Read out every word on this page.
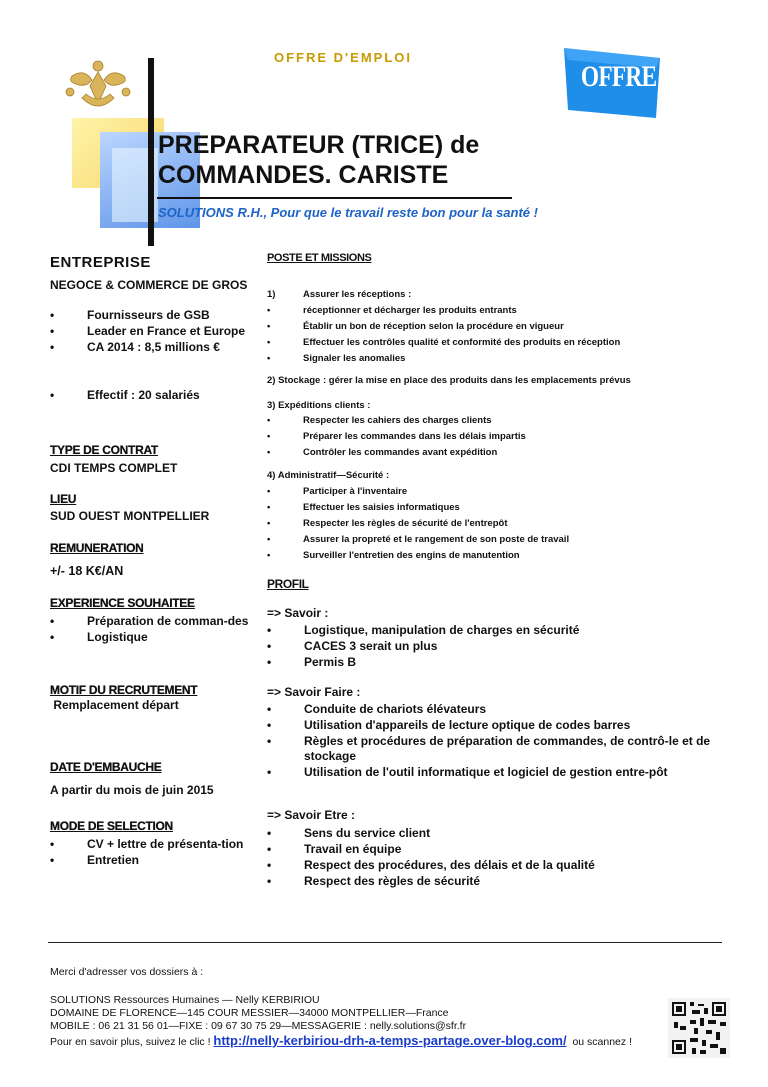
OFFRE D'EMPLOI
OFFRE
PREPARATEUR (TRICE) de
COMMANDES. CARISTE
SOLUTIONS R.H., Pour que le travail reste bon pour la santé !
ENTREPRISE
NEGOCE & COMMERCE DE GROS
• Fournisseurs de GSB
• Leader en France et Europe
• CA 2014 : 8,5 millions €
• Effectif : 20 salariés
TYPE DE CONTRAT
CDI TEMPS COMPLET
LIEU
SUD OUEST MONTPELLIER
REMUNERATION
+/- 18 K€/AN
EXPERIENCE SOUHAITEE
• Préparation de comman-des
• Logistique
MOTIF DU RECRUTEMENT
Remplacement départ
DATE D'EMBAUCHE
A partir du mois de juin 2015
MODE DE SELECTION
• CV + lettre de présenta-tion
• Entretien
POSTE ET MISSIONS
1)	Assurer les réceptions :
• réceptionner et décharger les produits entrants
• Établir un bon de réception selon la procédure en vigueur
• Effectuer les contrôles qualité et conformité des produits en réception
• Signaler les anomalies
2) Stockage : gérer la mise en place des produits dans les emplacements prévus
3) Expéditions clients :
• Respecter les cahiers des charges clients
• Préparer les commandes dans les délais impartis
• Contrôler les commandes avant expédition
4) Administratif—Sécurité :
• Participer à l'inventaire
• Effectuer les saisies informatiques
• Respecter les règles de sécurité de l'entrepôt
• Assurer la propreté et le rangement de son poste de travail
• Surveiller l'entretien des engins de manutention
PROFIL
=> Savoir :
• Logistique, manipulation de charges en sécurité
• CACES 3 serait un plus
• Permis B
=> Savoir Faire :
• Conduite de chariots élévateurs
• Utilisation d'appareils de lecture optique de codes barres
• Règles et procédures de préparation de commandes, de contrô-le et de stockage
• Utilisation de l'outil informatique et logiciel de gestion entre-pôt
=> Savoir Etre :
• Sens du service client
• Travail en équipe
• Respect des procédures, des délais et de la qualité
• Respect des règles de sécurité
Merci d'adresser vos dossiers à :
SOLUTIONS Ressources Humaines — Nelly KERBIRIOU
DOMAINE DE FLORENCE—145 COUR MESSIER—34000 MONTPELLIER—France
MOBILE : 06 21 31 56 01—FIXE : 09 67 30 75 29—MESSAGERIE : nelly.solutions@sfr.fr
Pour en savoir plus, suivez le clic ! http://nelly-kerbiriou-drh-a-temps-partage.over-blog.com/  ou scannez !
